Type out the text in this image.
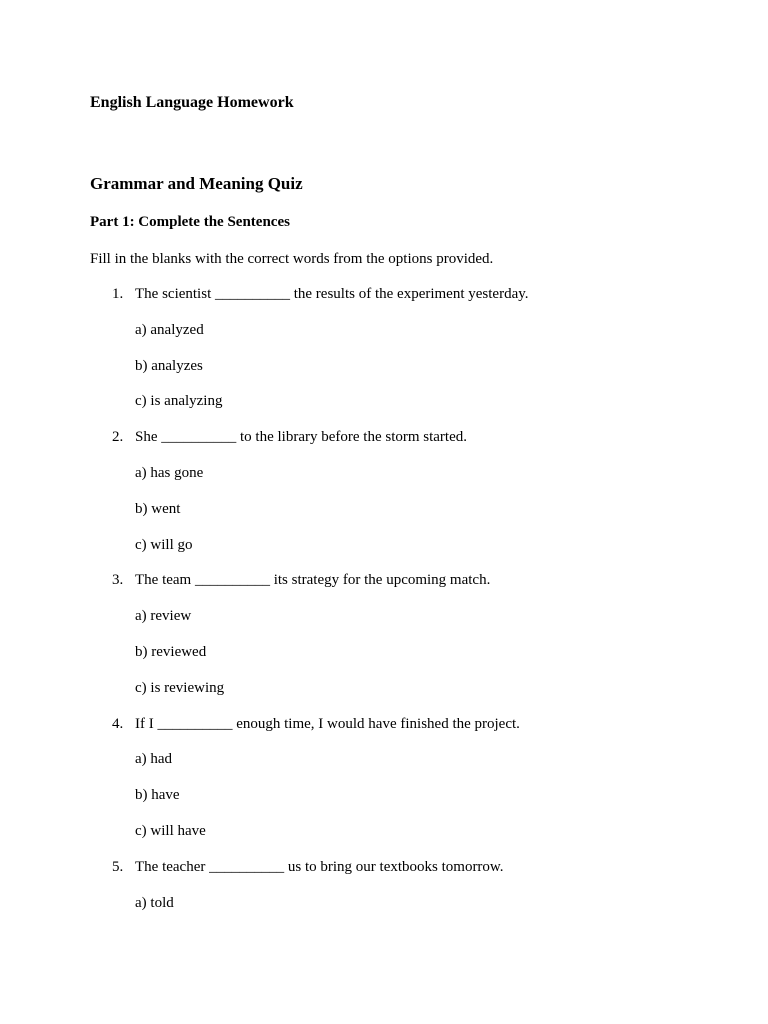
English Language Homework
Grammar and Meaning Quiz
Part 1: Complete the Sentences

Fill in the blanks with the correct words from the options provided.

1. The scientist __________ the results of the experiment yesterday.

a) analyzed

b) analyzes

c) is analyzing

2. She __________ to the library before the storm started.

a) has gone

b) went

c) will go

3. The team __________ its strategy for the upcoming match.

a) review

b) reviewed

c) is reviewing

4. If I __________ enough time, I would have finished the project.

a) had

b) have

c) will have

5. The teacher __________ us to bring our textbooks tomorrow.

a) told
